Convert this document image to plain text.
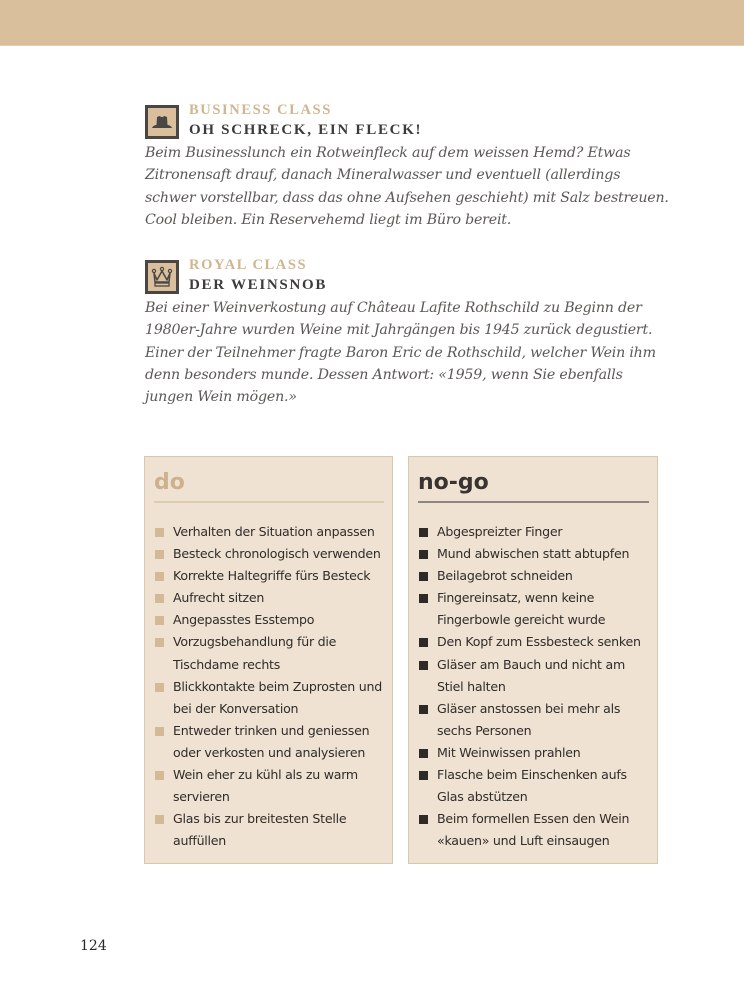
BUSINESS CLASS
OH SCHRECK, EIN FLECK!

Beim Businesslunch ein Rotweinfleck auf dem weissen Hemd? Etwas Zitronensaft drauf, danach Mineralwasser und eventuell (allerdings schwer vorstellbar, dass das ohne Aufsehen geschieht) mit Salz bestreuen. Cool bleiben. Ein Reservehemd liegt im Büro bereit.

ROYAL CLASS
DER WEINSNOB

Bei einer Weinverkostung auf Château Lafite Rothschild zu Beginn der 1980er-Jahre wurden Weine mit Jahrgängen bis 1945 zurück degustiert. Einer der Teilnehmer fragte Baron Eric de Rothschild, welcher Wein ihm denn besonders munde. Dessen Antwort: «1959, wenn Sie ebenfalls jungen Wein mögen.»

do
Verhalten der Situation anpassen
Besteck chronologisch verwenden
Korrekte Haltegriffe fürs Besteck
Aufrecht sitzen
Angepasstes Esstempo
Vorzugsbehandlung für die Tischdame rechts
Blickkontakte beim Zuprosten und bei der Konversation
Entweder trinken und geniessen oder verkosten und analysieren
Wein eher zu kühl als zu warm servieren
Glas bis zur breitesten Stelle auffüllen
no-go
Abgespreizter Finger
Mund abwischen statt abtupfen
Beilagebrot schneiden
Fingereinsatz, wenn keine Fingerbowle gereicht wurde
Den Kopf zum Essbesteck senken
Gläser am Bauch und nicht am Stiel halten
Gläser anstossen bei mehr als sechs Personen
Mit Weinwissen prahlen
Flasche beim Einschenken aufs Glas abstützen
Beim formellen Essen den Wein «kauen» und Luft einsaugen
124
